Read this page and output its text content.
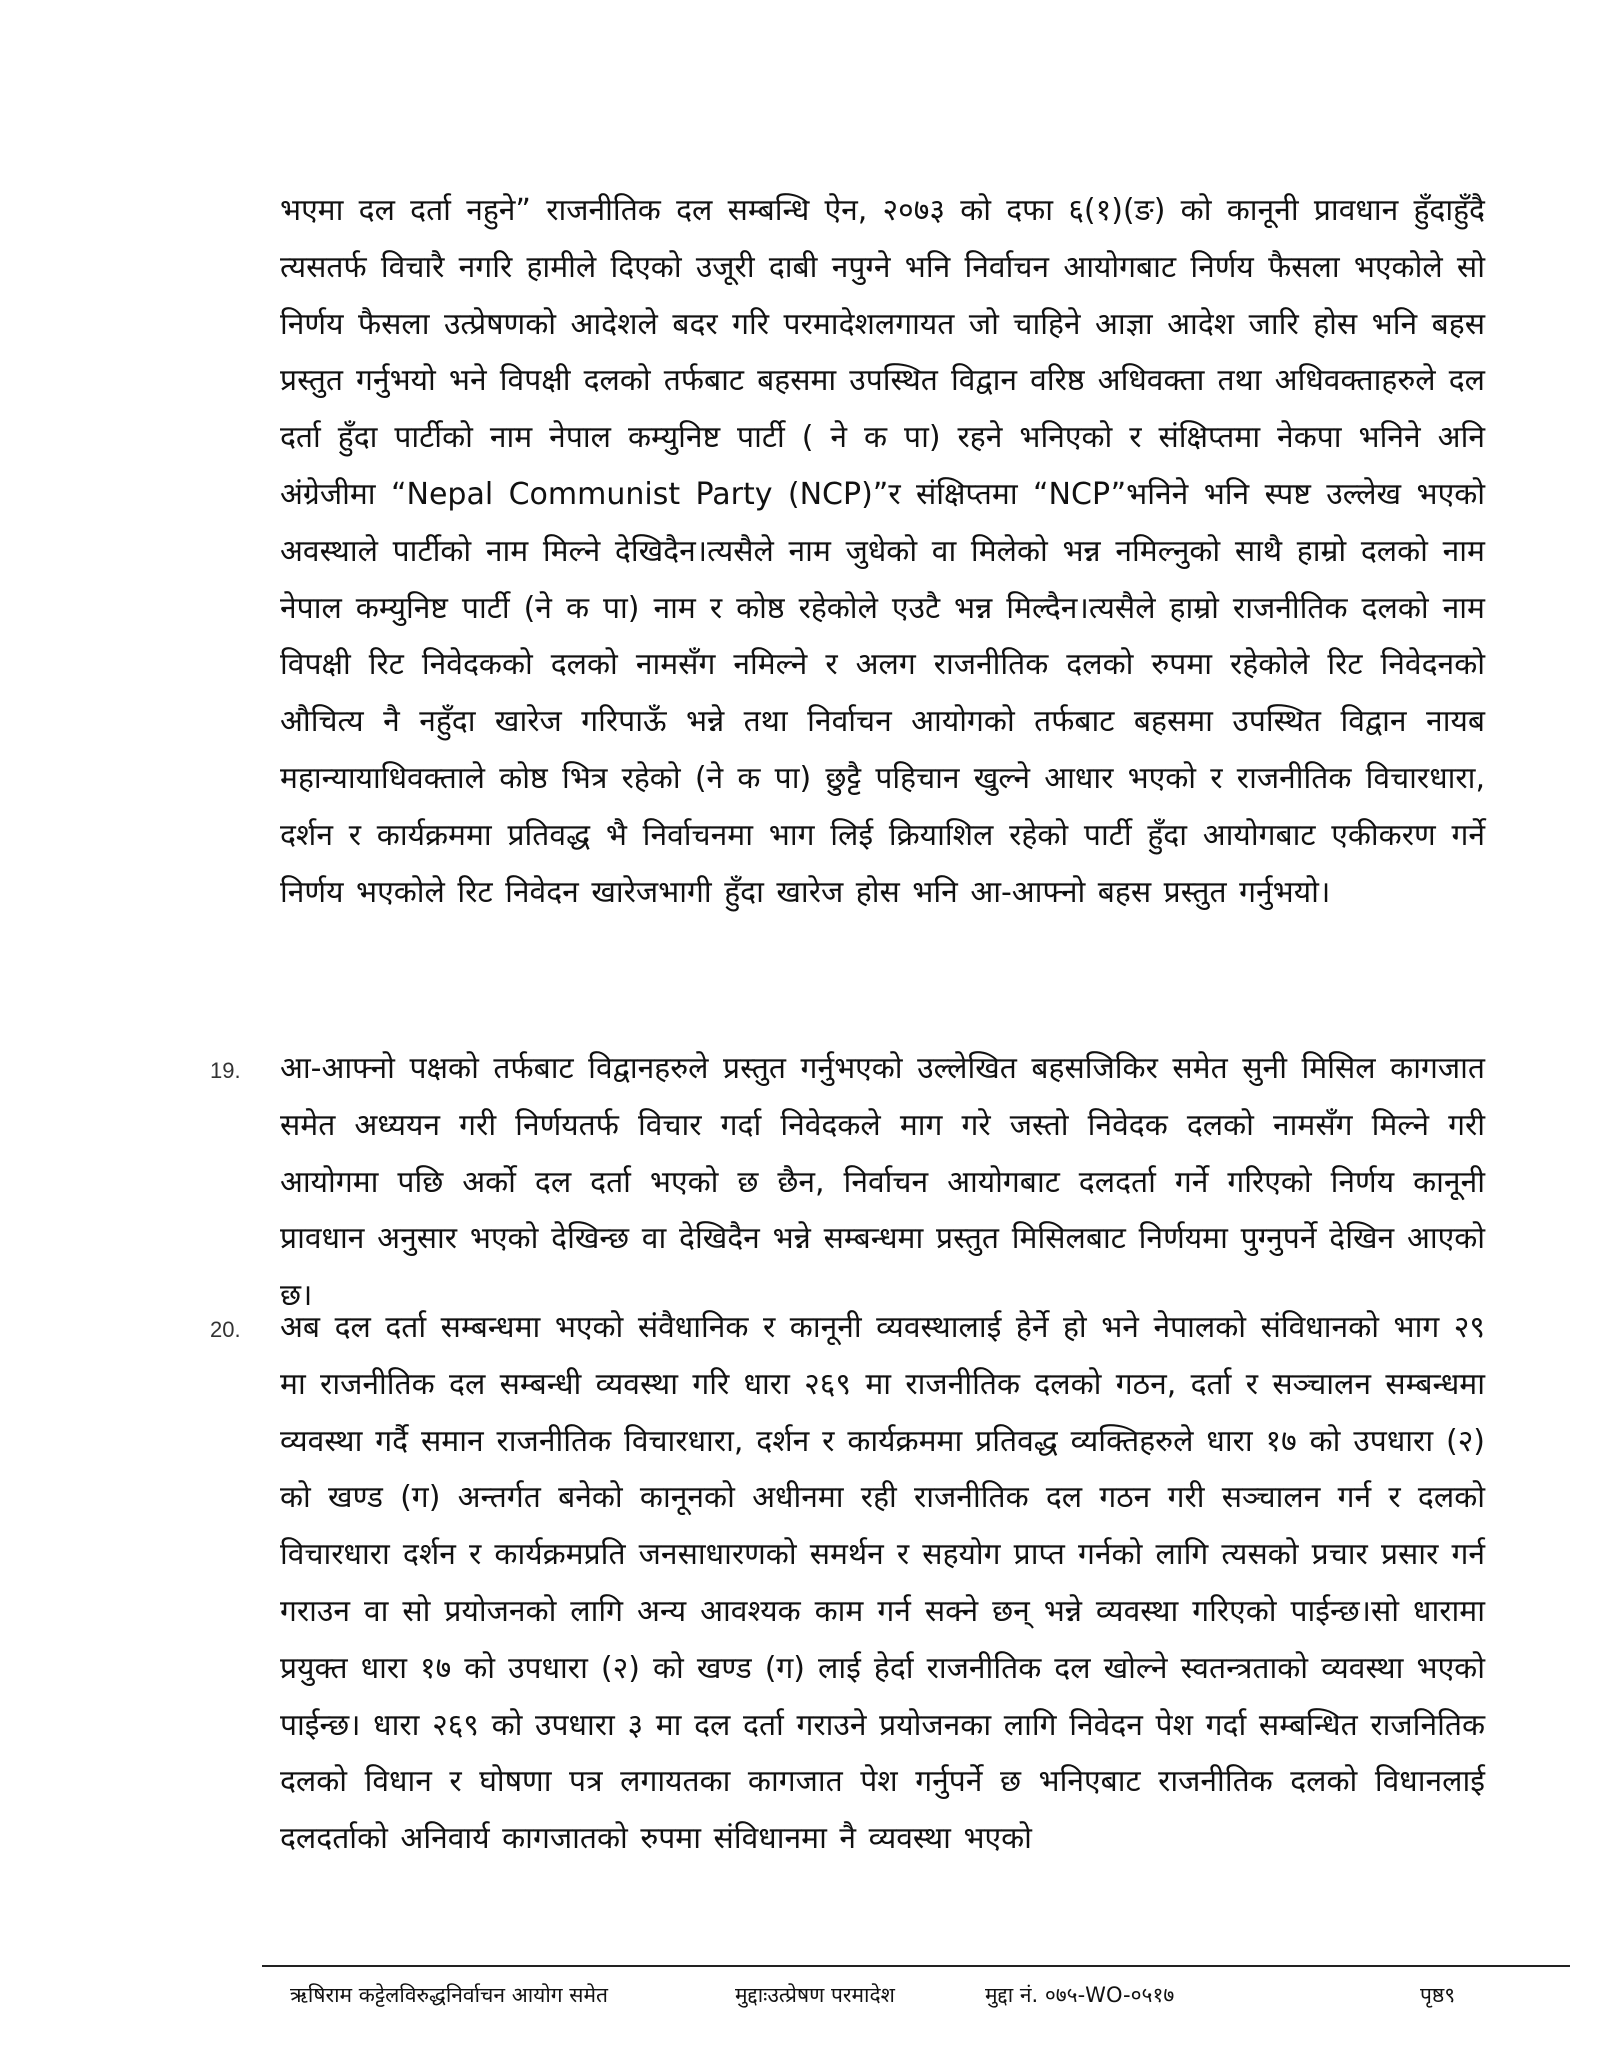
भएमा दल दर्ता नहुने” राजनीतिक दल सम्बन्धि ऐन, २०७३ को दफा ६(१)(ङ) को कानूनी प्रावधान हुँदाहुँदै त्यसतर्फ विचारै नगरि हामीले दिएको उजूरी दाबी नपुग्ने भनि निर्वाचन आयोगबाट निर्णय फैसला भएकोले सो निर्णय फैसला उत्प्रेषणको आदेशले बदर गरि परमादेशलगायत जो चाहिने आज्ञा आदेश जारि होस भनि बहस प्रस्तुत गर्नुभयो भने विपक्षी दलको तर्फबाट बहसमा उपस्थित विद्वान वरिष्ठ अधिवक्ता तथा अधिवक्ताहरुले दल दर्ता हुँदा पार्टीको नाम नेपाल कम्युनिष्ट पार्टी ( ने क पा) रहने भनिएको र संक्षिप्तमा नेकपा भनिने अनि अंग्रेजीमा “Nepal Communist Party (NCP)”र संक्षिप्तमा “NCP”भनिने भनि स्पष्ट उल्लेख भएको अवस्थाले पार्टीको नाम मिल्ने देखिदैन।त्यसैले नाम जुधेको वा मिलेको भन्न नमिल्नुको साथै हाम्रो दलको नाम नेपाल कम्युनिष्ट पार्टी (ने क पा) नाम र कोष्ठ रहेकोले एउटै भन्न मिल्दैन।त्यसैले हाम्रो राजनीतिक दलको नाम विपक्षी रिट निवेदकको दलको नामसँग नमिल्ने र अलग राजनीतिक दलको रुपमा रहेकोले रिट निवेदनको औचित्य नै नहुँदा खारेज गरिपाऊँ भन्ने तथा निर्वाचन आयोगको तर्फबाट बहसमा उपस्थित विद्वान नायब महान्यायाधिवक्ताले कोष्ठ भित्र रहेको (ने क पा) छुट्टै पहिचान खुल्ने आधार भएको र राजनीतिक विचारधारा, दर्शन र कार्यक्रममा प्रतिवद्ध भै निर्वाचनमा भाग लिई क्रियाशिल रहेको पार्टी हुँदा आयोगबाट एकीकरण गर्ने निर्णय भएकोले रिट निवेदन खारेजभागी हुँदा खारेज होस भनि आ-आफ्नो बहस प्रस्तुत गर्नुभयो।

19. आ-आफ्नो पक्षको तर्फबाट विद्वानहरुले प्रस्तुत गर्नुभएको उल्लेखित बहसजिकिर समेत सुनी मिसिल कागजात समेत अध्ययन गरी निर्णयतर्फ विचार गर्दा निवेदकले माग गरे जस्तो निवेदक दलको नामसँग मिल्ने गरी आयोगमा पछि अर्को दल दर्ता भएको छ छैन, निर्वाचन आयोगबाट दलदर्ता गर्ने गरिएको निर्णय कानूनी प्रावधान अनुसार भएको देखिन्छ वा देखिदैन भन्ने सम्बन्धमा प्रस्तुत मिसिलबाट निर्णयमा पुग्नुपर्ने देखिन आएको छ।

20. अब दल दर्ता सम्बन्धमा भएको संवैधानिक र कानूनी व्यवस्थालाई हेर्ने हो भने नेपालको संविधानको भाग २९ मा राजनीतिक दल सम्बन्धी व्यवस्था गरि धारा २६९ मा राजनीतिक दलको गठन, दर्ता र सञ्चालन सम्बन्धमा व्यवस्था गर्दै समान राजनीतिक विचारधारा, दर्शन र कार्यक्रममा प्रतिवद्ध व्यक्तिहरुले धारा १७ को उपधारा (२) को खण्ड (ग) अन्तर्गत बनेको कानूनको अधीनमा रही राजनीतिक दल गठन गरी सञ्चालन गर्न र दलको विचारधारा दर्शन र कार्यक्रमप्रति जनसाधारणको समर्थन र सहयोग प्राप्त गर्नको लागि त्यसको प्रचार प्रसार गर्न गराउन वा सो प्रयोजनको लागि अन्य आवश्यक काम गर्न सक्ने छन् भन्ने व्यवस्था गरिएको पाईन्छ।सो धारामा प्रयुक्त धारा १७ को उपधारा (२) को खण्ड (ग) लाई हेर्दा राजनीतिक दल खोल्ने स्वतन्त्रताको व्यवस्था भएको पाईन्छ। धारा २६९ को उपधारा ३ मा दल दर्ता गराउने प्रयोजनका लागि निवेदन पेश गर्दा सम्बन्धित राजनितिक दलको विधान र घोषणा पत्र लगायतका कागजात पेश गर्नुपर्ने छ भनिएबाट राजनीतिक दलको विधानलाई दलदर्ताको अनिवार्य कागजातको रुपमा संविधानमा नै व्यवस्था भएको

ऋषिराम कट्टेलविरुद्धनिर्वाचन आयोग समेत	मुद्दाःउत्प्रेषण परमादेश	मुद्दा नं. ०७५-WO-०५१७	पृष्ठ९
